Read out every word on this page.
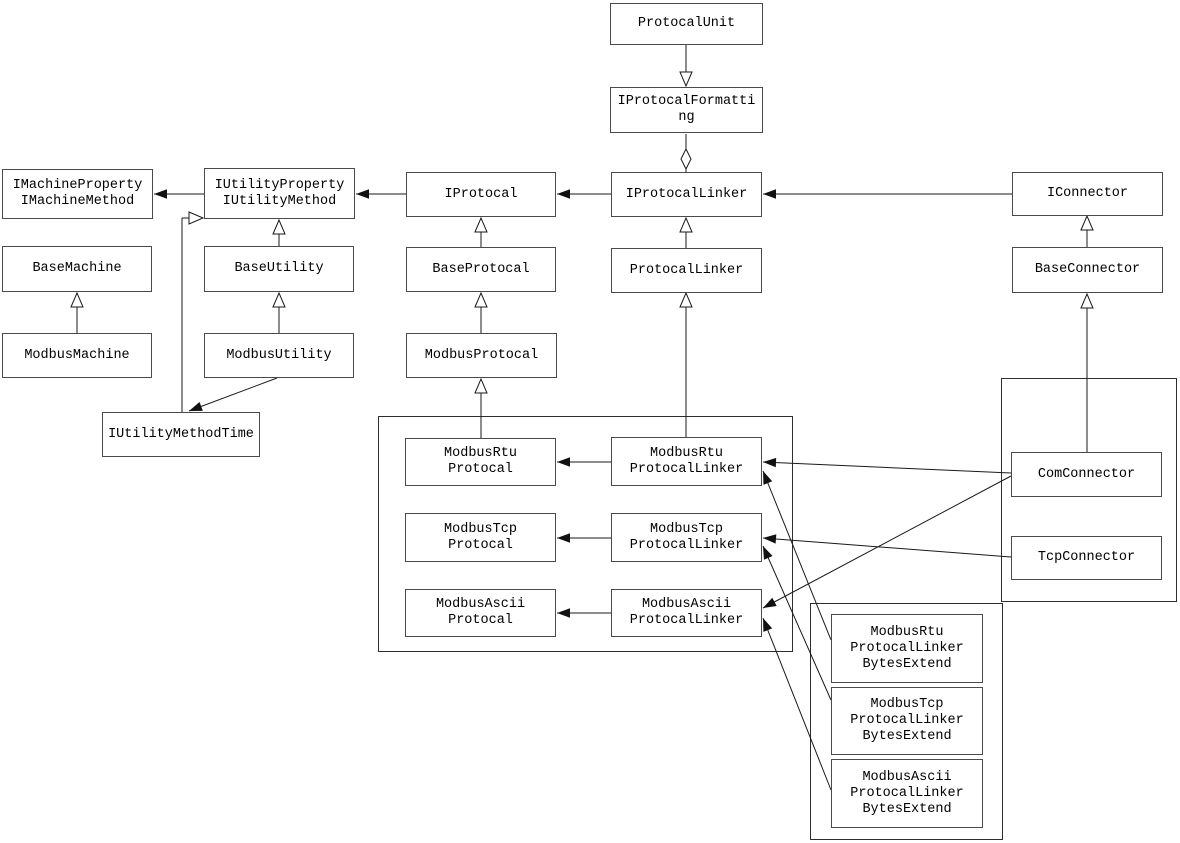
ProtocalUnit
IProtocalFormatti
ng
IMachineProperty
IMachineMethod
IUtilityProperty
IUtilityMethod	IProtocal	IProtocalLinker	IConnector
BaseMachine	BaseUtility	BaseProtocal	ProtocalLinker	BaseConnector
ModbusMachine	ModbusUtility	ModbusProtocal
IUtilityMethodTime
ModbusRtu
Protocal
ModbusRtu
ProtocalLinker
ModbusTcp
Protocal
ModbusTcp
ProtocalLinker
ModbusAscii
Protocal
ModbusAscii
ProtocalLinker
ComConnector
TcpConnector
ModbusRtu
ProtocalLinker
BytesExtend
ModbusTcp
ProtocalLinker
BytesExtend
ModbusAscii
ProtocalLinker
BytesExtend
